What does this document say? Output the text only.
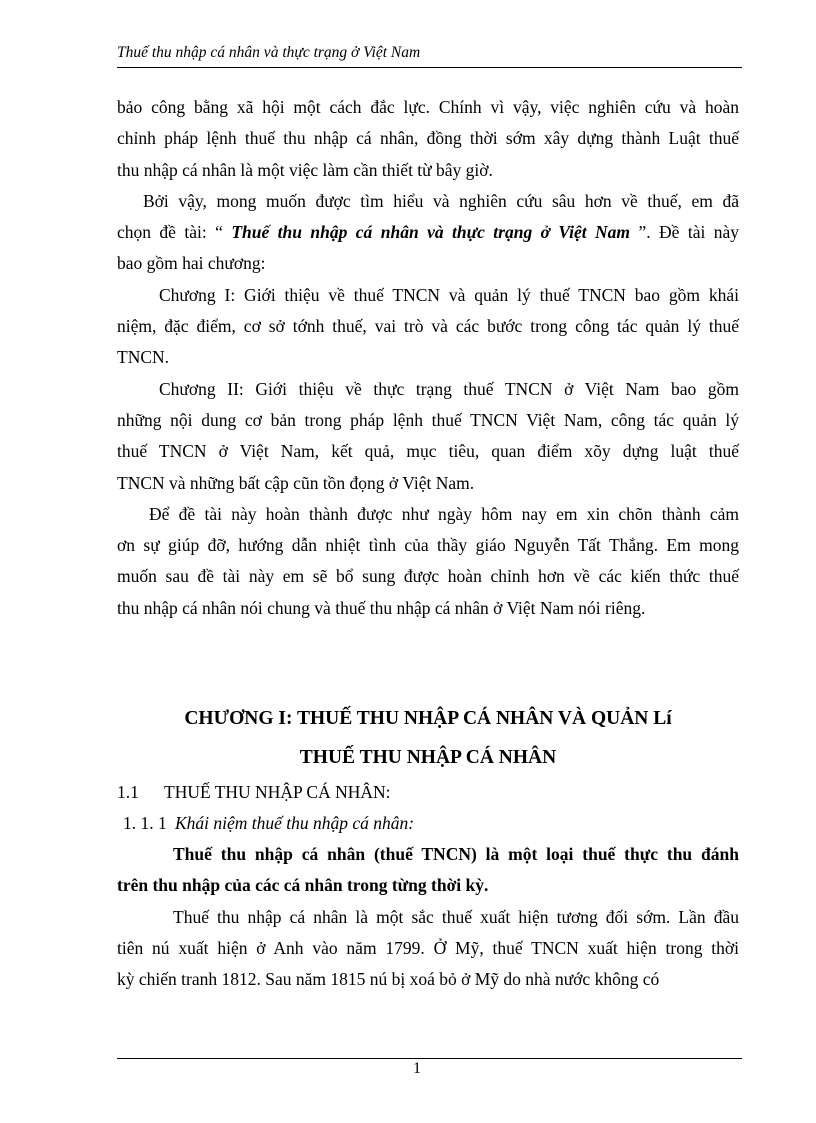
Thuế thu nhập cá nhân và thực trạng ở Việt Nam
bảo công bằng xã hội một cách đắc lực. Chính vì vậy, việc nghiên cứu và hoàn
chỉnh pháp lệnh thuế thu nhập cá nhân, đồng thời sớm xây dựng thành Luật thuế
thu nhập cá nhân là một việc làm cần thiết từ bây giờ.
Bởi vậy, mong muốn được tìm hiểu và nghiên cứu sâu hơn về thuế, em đã
chọn đề tài: “ Thuế thu nhập cá nhân và thực trạng ở Việt Nam ”. Đề tài này
bao gồm hai chương:
Chương I: Giới thiệu về thuế TNCN và quản lý thuế TNCN bao gồm khái
niệm, đặc điểm, cơ sở tớnh thuế, vai trò và các bước trong công tác quản lý thuế
TNCN.
Chương II: Giới thiệu về thực trạng thuế TNCN ở Việt Nam bao gồm
những nội dung cơ bản trong pháp lệnh thuế TNCN Việt Nam, công tác quản lý
thuế TNCN ở Việt Nam, kết quả, mục tiêu, quan điểm xõy dựng luật thuế
TNCN và những bất cập cũn tồn đọng ở Việt Nam.
Để đề tài này hoàn thành được như ngày hôm nay em xin chõn thành cảm
ơn sự giúp đỡ, hướng dẫn nhiệt tình của thầy giáo Nguyễn Tất Thắng. Em mong
muốn sau đề tài này em sẽ bổ sung được hoàn chỉnh hơn về các kiến thức thuế
thu nhập cá nhân nói chung và thuế thu nhập cá nhân ở Việt Nam nói riêng.
CHƯƠNG I: THUẾ THU NHẬP CÁ NHÂN VÀ QUẢN Lí
THUẾ THU NHẬP CÁ NHÂN
1.1 THUẾ THU NHẬP CÁ NHÂN:
1. 1. 1 Khái niệm thuế thu nhập cá nhân:
Thuế thu nhập cá nhân (thuế TNCN) là một loại thuế thực thu đánh
trên thu nhập của các cá nhân trong từng thời kỳ.
Thuế thu nhập cá nhân là một sắc thuế xuất hiện tương đối sớm. Lần đầu
tiên nú xuất hiện ở Anh vào năm 1799. Ở Mỹ, thuế TNCN xuất hiện trong thời
kỳ chiến tranh 1812. Sau năm 1815 nú bị xoá bỏ ở Mỹ do nhà nước không có
1
